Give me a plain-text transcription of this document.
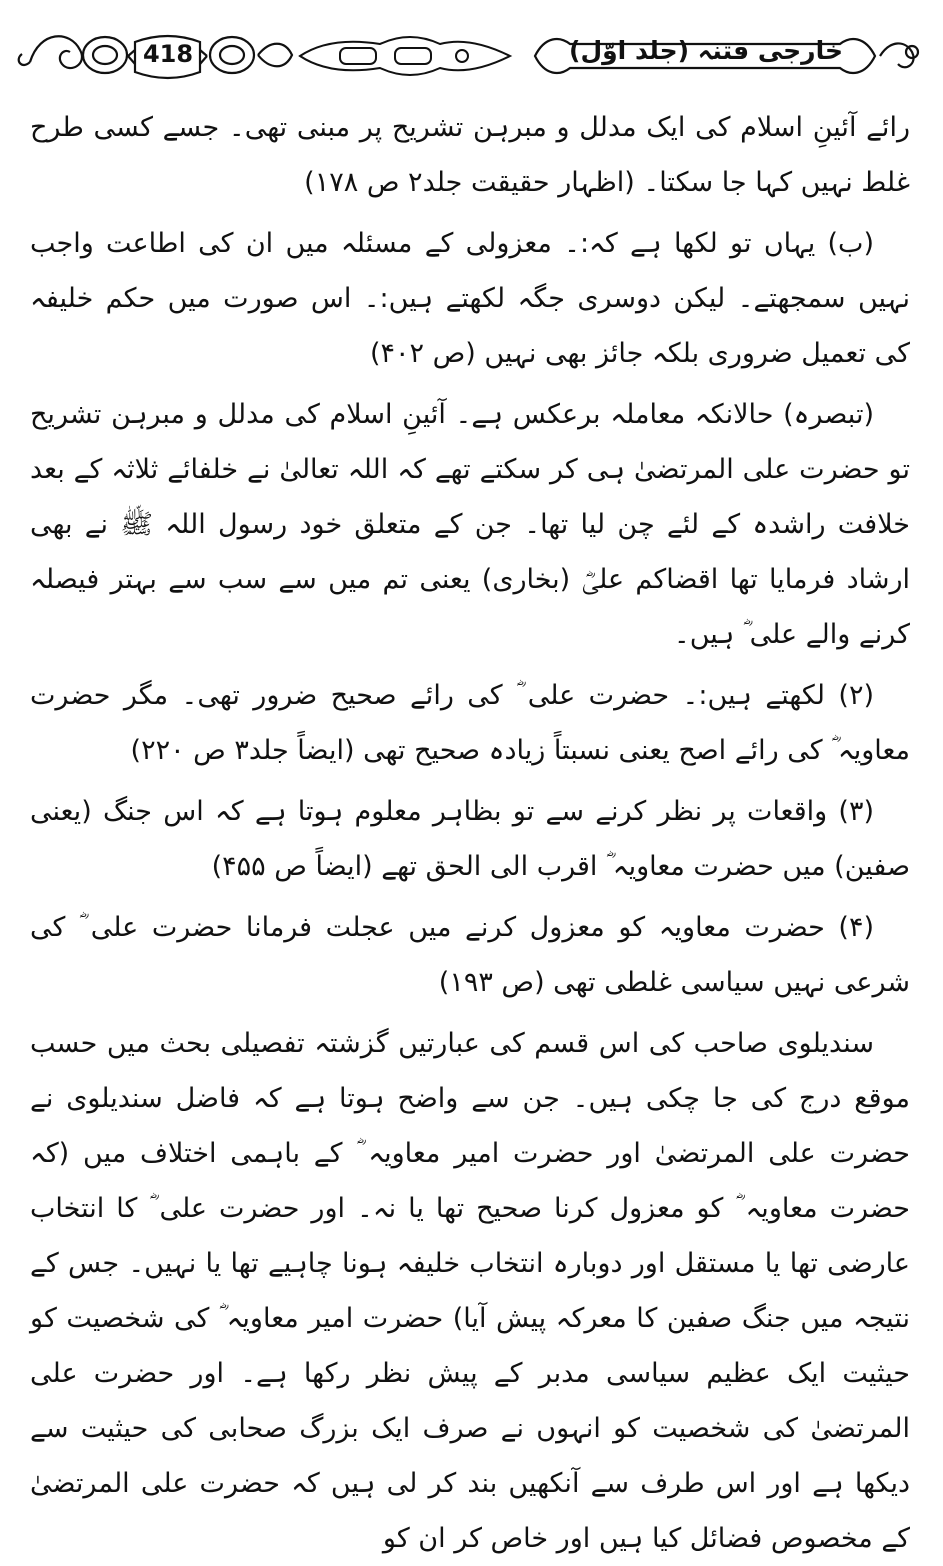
418	خارجی فتنہ (جلد اوّل)

رائے آئینِ اسلام کی ایک مدلل و مبرہن تشریح پر مبنی تھی۔ جسے کسی طرح غلط نہیں کہا جا سکتا۔ (اظہار حقیقت جلد۲ ص ۱۷۸)

(ب) یہاں تو لکھا ہے کہ:۔ معزولی کے مسئلہ میں ان کی اطاعت واجب نہیں سمجھتے۔ لیکن دوسری جگہ لکھتے ہیں:۔ اس صورت میں حکم خلیفہ کی تعمیل ضروری بلکہ جائز بھی نہیں (ص ۴۰۲)

(تبصرہ) حالانکہ معاملہ برعکس ہے۔ آئینِ اسلام کی مدلل و مبرہن تشریح تو حضرت علی المرتضیٰ ہی کر سکتے تھے کہ اللہ تعالیٰ نے خلفائے ثلاثہ کے بعد خلافت راشدہ کے لئے چن لیا تھا۔ جن کے متعلق خود رسول اللہ ﷺ نے بھی ارشاد فرمایا تھا اقضاکم علیؓ (بخاری) یعنی تم میں سے سب سے بہتر فیصلہ کرنے والے علی ؓ ہیں۔

(۲) لکھتے ہیں:۔ حضرت علی ؓ کی رائے صحیح ضرور تھی۔ مگر حضرت معاویہ ؓ کی رائے اصح یعنی نسبتاً زیادہ صحیح تھی (ایضاً جلد۳ ص ۲۲۰)

(۳) واقعات پر نظر کرنے سے تو بظاہر معلوم ہوتا ہے کہ اس جنگ (یعنی صفین) میں حضرت معاویہ ؓ اقرب الی الحق تھے (ایضاً ص ۴۵۵)

(۴) حضرت معاویہ کو معزول کرنے میں عجلت فرمانا حضرت علی ؓ کی شرعی نہیں سیاسی غلطی تھی (ص ۱۹۳)

سندیلوی صاحب کی اس قسم کی عبارتیں گزشتہ تفصیلی بحث میں حسب موقع درج کی جا چکی ہیں۔ جن سے واضح ہوتا ہے کہ فاضل سندیلوی نے حضرت علی المرتضیٰ اور حضرت امیر معاویہ ؓ کے باہمی اختلاف میں (کہ حضرت معاویہ ؓ کو معزول کرنا صحیح تھا یا نہ۔ اور حضرت علی ؓ کا انتخاب عارضی تھا یا مستقل اور دوبارہ انتخاب خلیفہ ہونا چاہیے تھا یا نہیں۔ جس کے نتیجہ میں جنگ صفین کا معرکہ پیش آیا) حضرت امیر معاویہ ؓ کی شخصیت کو حیثیت ایک عظیم سیاسی مدبر کے پیش نظر رکھا ہے۔ اور حضرت علی المرتضیٰ کی شخصیت کو انہوں نے صرف ایک بزرگ صحابی کی حیثیت سے دیکھا ہے اور اس طرف سے آنکھیں بند کر لی ہیں کہ حضرت علی المرتضیٰ کے مخصوص فضائل کیا ہیں اور خاص کر ان کو
